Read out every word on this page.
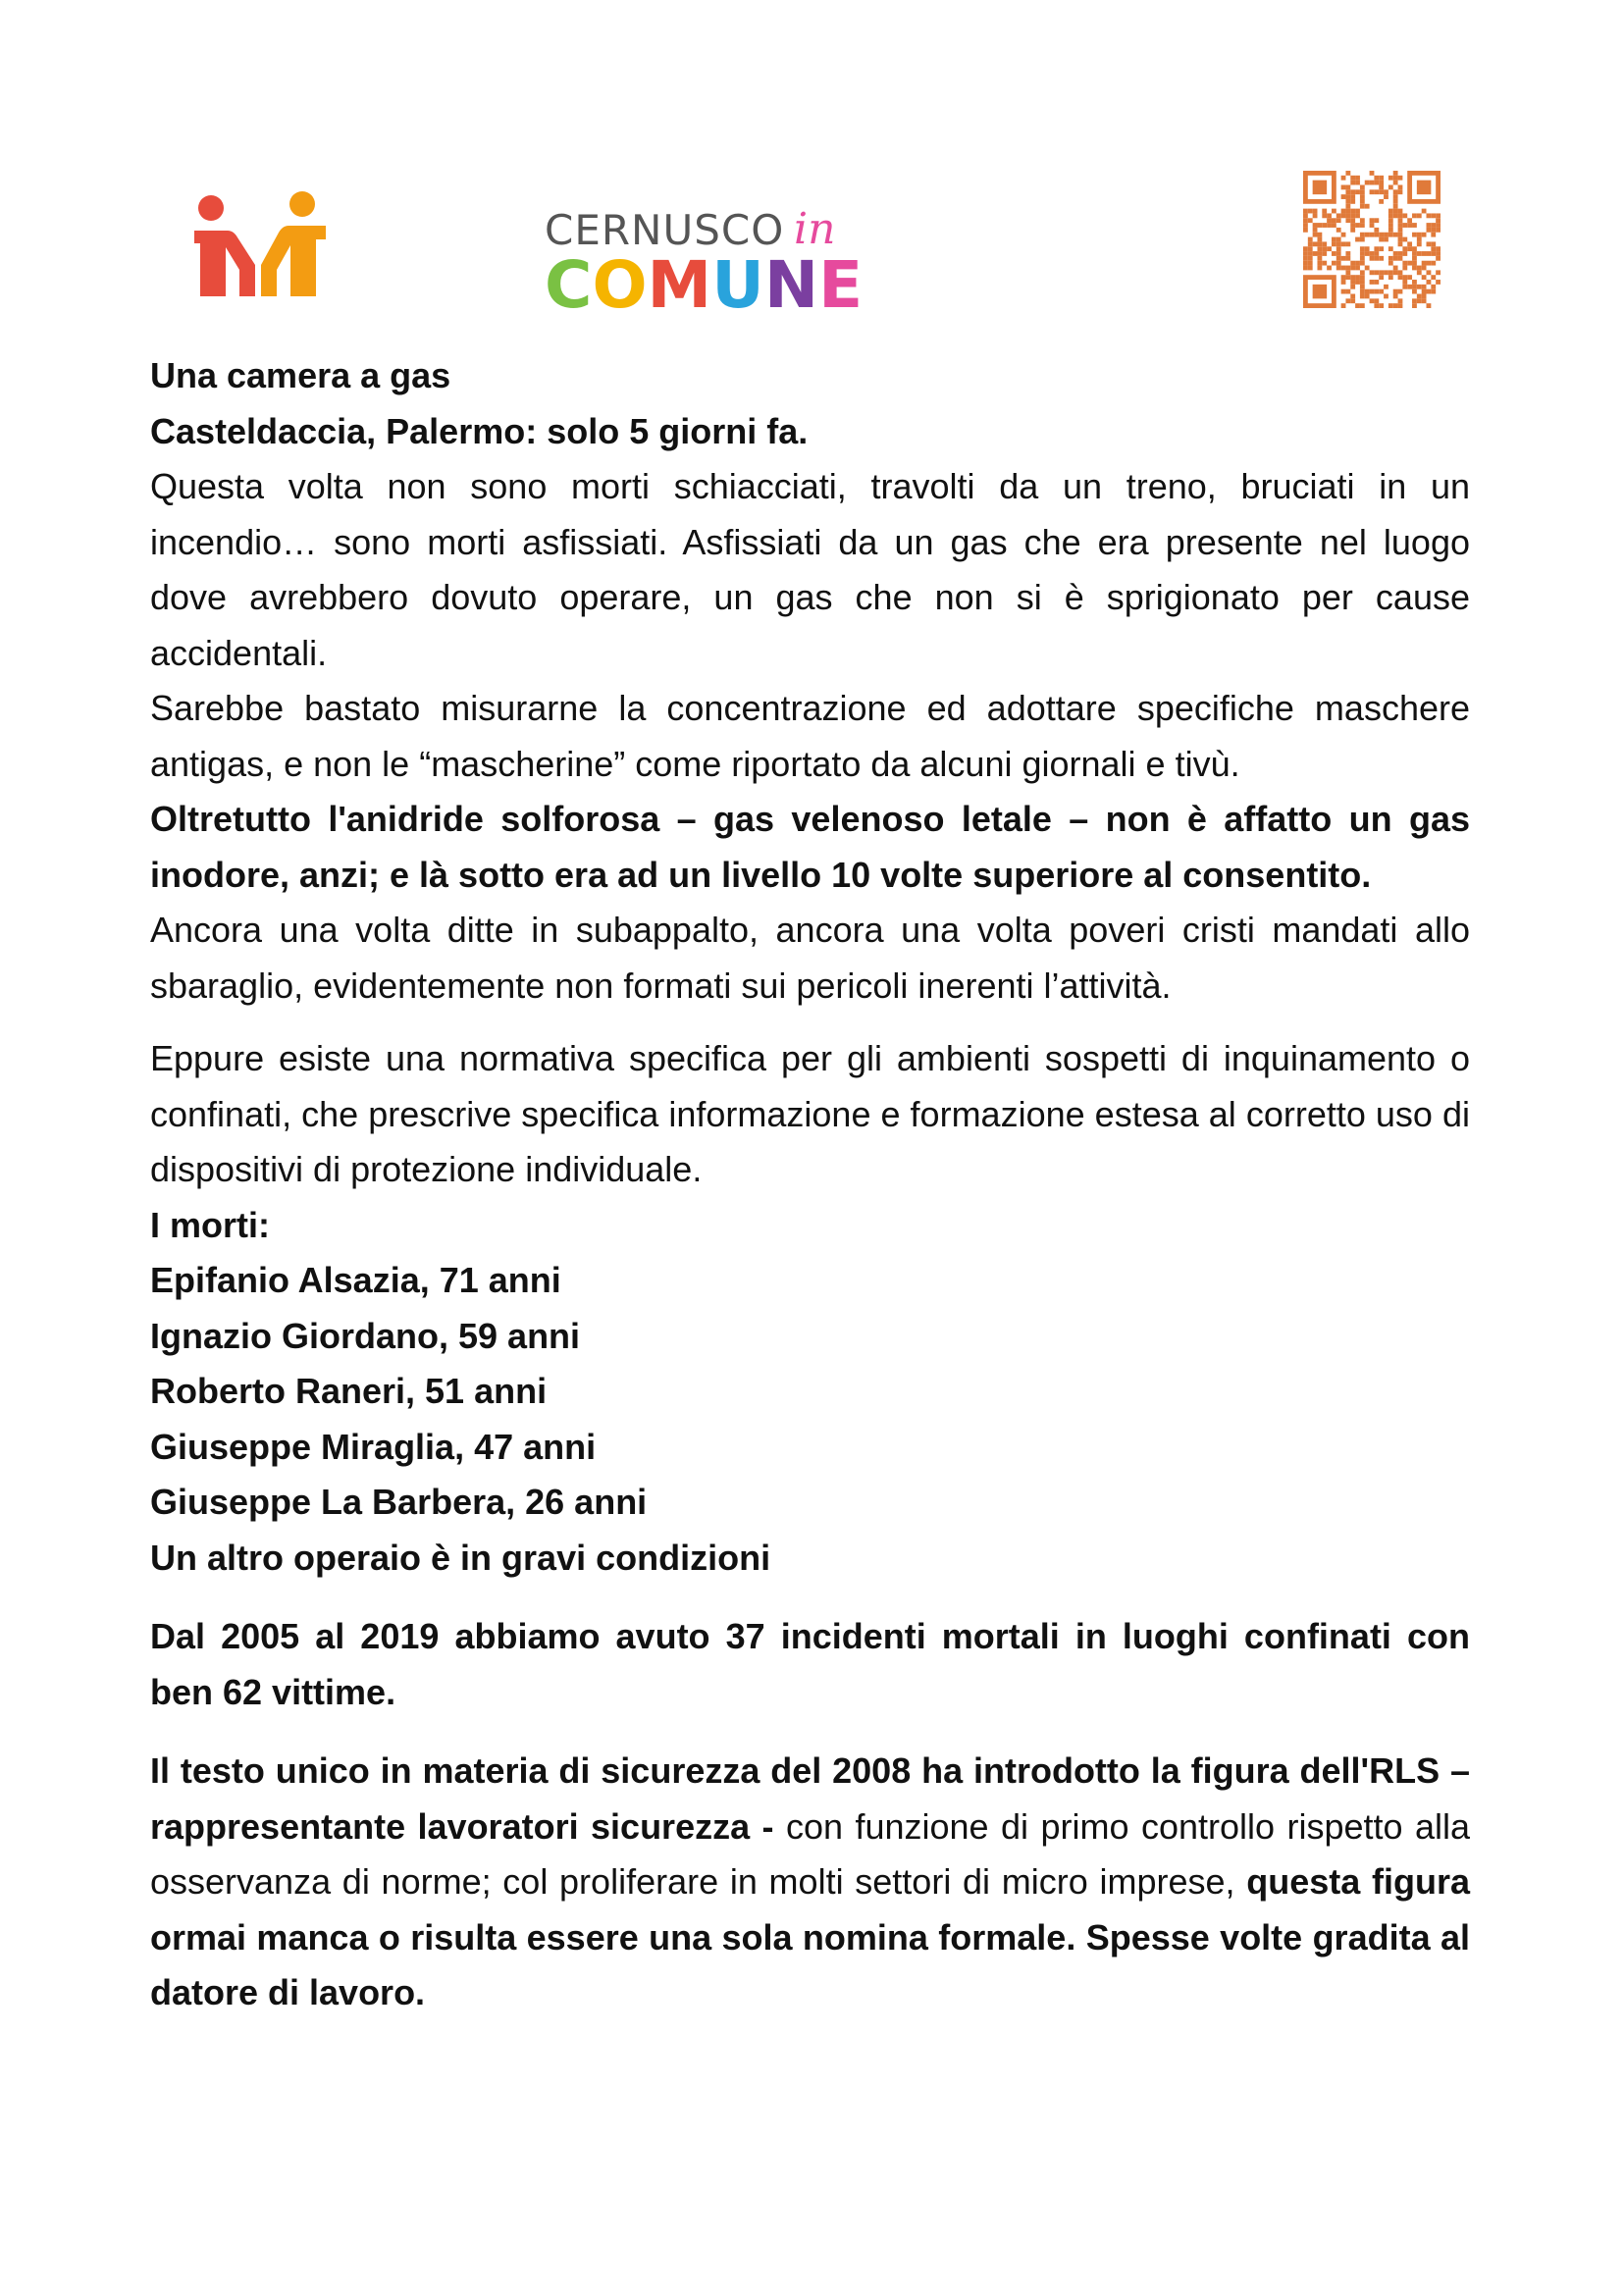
CERNUSCO in
COMUNE

Una camera a gas

Casteldaccia, Palermo: solo 5 giorni fa.

Questa volta non sono morti schiacciati, travolti da un treno, bruciati in un incendio… sono morti asfissiati. Asfissiati da un gas che era presente nel luogo dove avrebbero dovuto operare, un gas che non si è sprigionato per cause accidentali.

Sarebbe bastato misurarne la concentrazione ed adottare specifiche maschere antigas, e non le “mascherine” come riportato da alcuni giornali e tivù.

Oltretutto l'anidride solforosa – gas velenoso letale – non è affatto un gas inodore, anzi; e là sotto era ad un livello 10 volte superiore al consentito.

Ancora una volta ditte in subappalto, ancora una volta poveri cristi mandati allo sbaraglio, evidentemente non formati sui pericoli inerenti l’attività.

Eppure esiste una normativa specifica per gli ambienti sospetti di inquinamento o confinati, che prescrive specifica informazione e formazione estesa al corretto uso di dispositivi di protezione individuale.

I morti:

Epifanio Alsazia, 71 anni

Ignazio Giordano, 59 anni

Roberto Raneri, 51 anni

Giuseppe Miraglia, 47 anni

Giuseppe La Barbera, 26 anni

Un altro operaio è in gravi condizioni

Dal 2005 al 2019 abbiamo avuto 37 incidenti mortali in luoghi confinati con ben 62 vittime.

Il testo unico in materia di sicurezza del 2008 ha introdotto la figura dell'RLS – rappresentante lavoratori sicurezza - con funzione di primo controllo rispetto alla osservanza di norme; col proliferare in molti settori di micro imprese, questa figura ormai manca o risulta essere una sola nomina formale. Spesse volte gradita al datore di lavoro.
